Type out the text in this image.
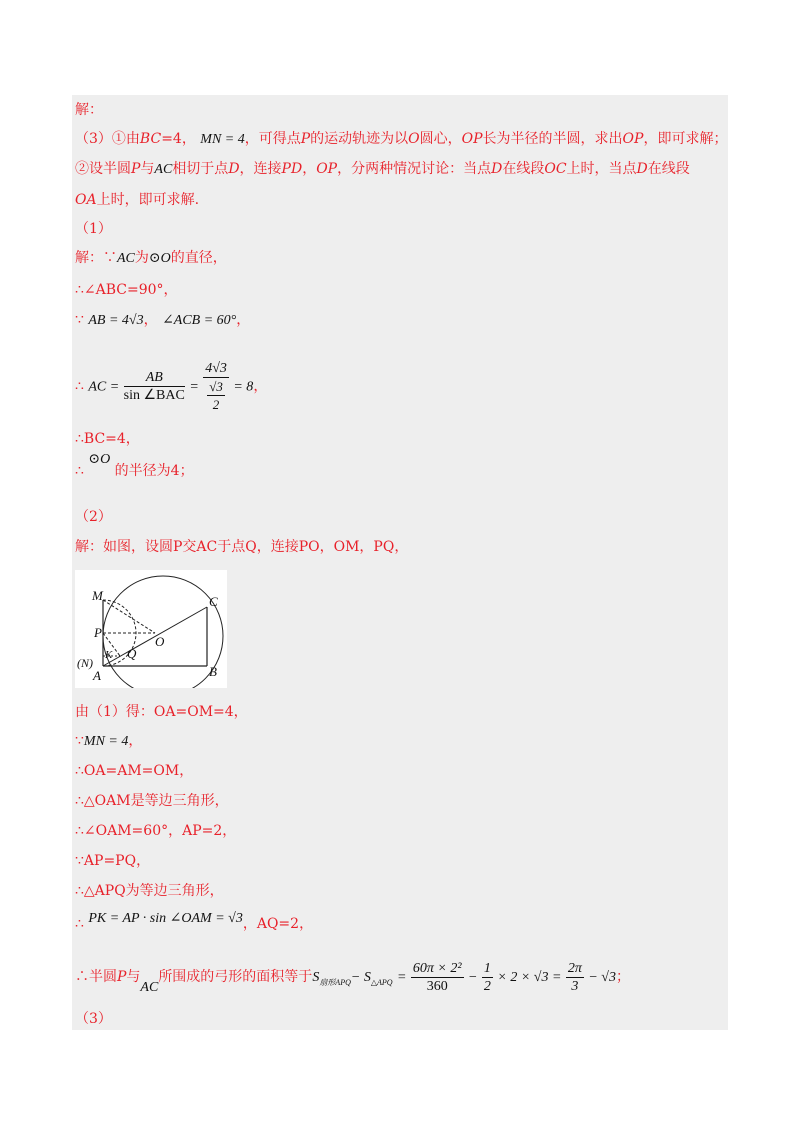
解：
（3）①由BC=4， MN = 4，可得点P的运动轨迹为以O圆心，OP长为半径的半圆，求出OP，即可求解；
②设半圆P与AC相切于点D，连接PD，OP，分两种情况讨论：当点D在线段OC上时，当点D在线段
OA上时，即可求解.
（1）
解：∵AC为⊙O的直径，
∴∠ABC=90°，
∵ AB = 4√3， ∠ACB = 60°，
∴ AC = $\frac{AB}{\text{sin ∠BAC}} = \frac{4√3}{\frac{√3}{2}} = 8$，
∴BC=4，
∴ ⊙O 的半径为4；
（2）
解：如图，设圆P交AC于点Q，连接PO，OM，PQ，
M	C
P
O
K Q
(N)
A	B
由（1）得：OA=OM=4，
∵MN = 4，
∴OA=AM=OM，
∴△OAM是等边三角形，
∴∠OAM=60°，AP=2，
∵AP=PQ，
∴△APQ为等边三角形，
∴ PK = AP · sin ∠OAM = √3，AQ=2，
∴半圆P与AC所围成的弓形的面积等于$S_{扇形APQ}- S_{\triangle APQ} = \frac{\text{60π × 2²}}{360} - \frac{1}{2} \times 2 \times √3 = \frac{2\pi}{3} - √3$；
（3）
